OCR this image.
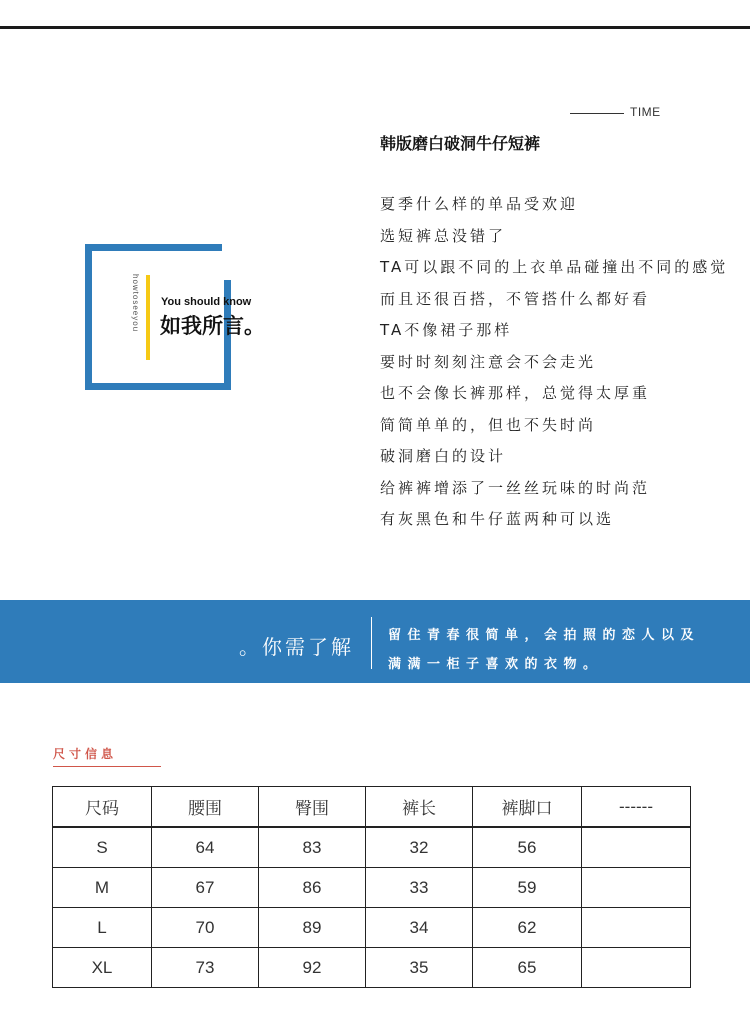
TIME
韩版磨白破洞牛仔短裤
夏季什么样的单品受欢迎
选短裤总没错了
TA可以跟不同的上衣单品碰撞出不同的感觉
而且还很百搭，不管搭什么都好看
TA不像裙子那样
要时时刻刻注意会不会走光
也不会像长裤那样，总觉得太厚重
简简单单的，但也不失时尚
破洞磨白的设计
给裤裤增添了一丝丝玩味的时尚范
有灰黑色和牛仔蓝两种可以选
howtoseeyou You should know
如我所言。
。你需了解	留住青春很简单，会拍照的恋人以及
满满一柜子喜欢的衣物。
尺寸信息
尺码	腰围	臀围	裤长	裤脚口	------
S	64	83	32	56	
M	67	86	33	59	
L	70	89	34	62	
XL	73	92	35	65	
